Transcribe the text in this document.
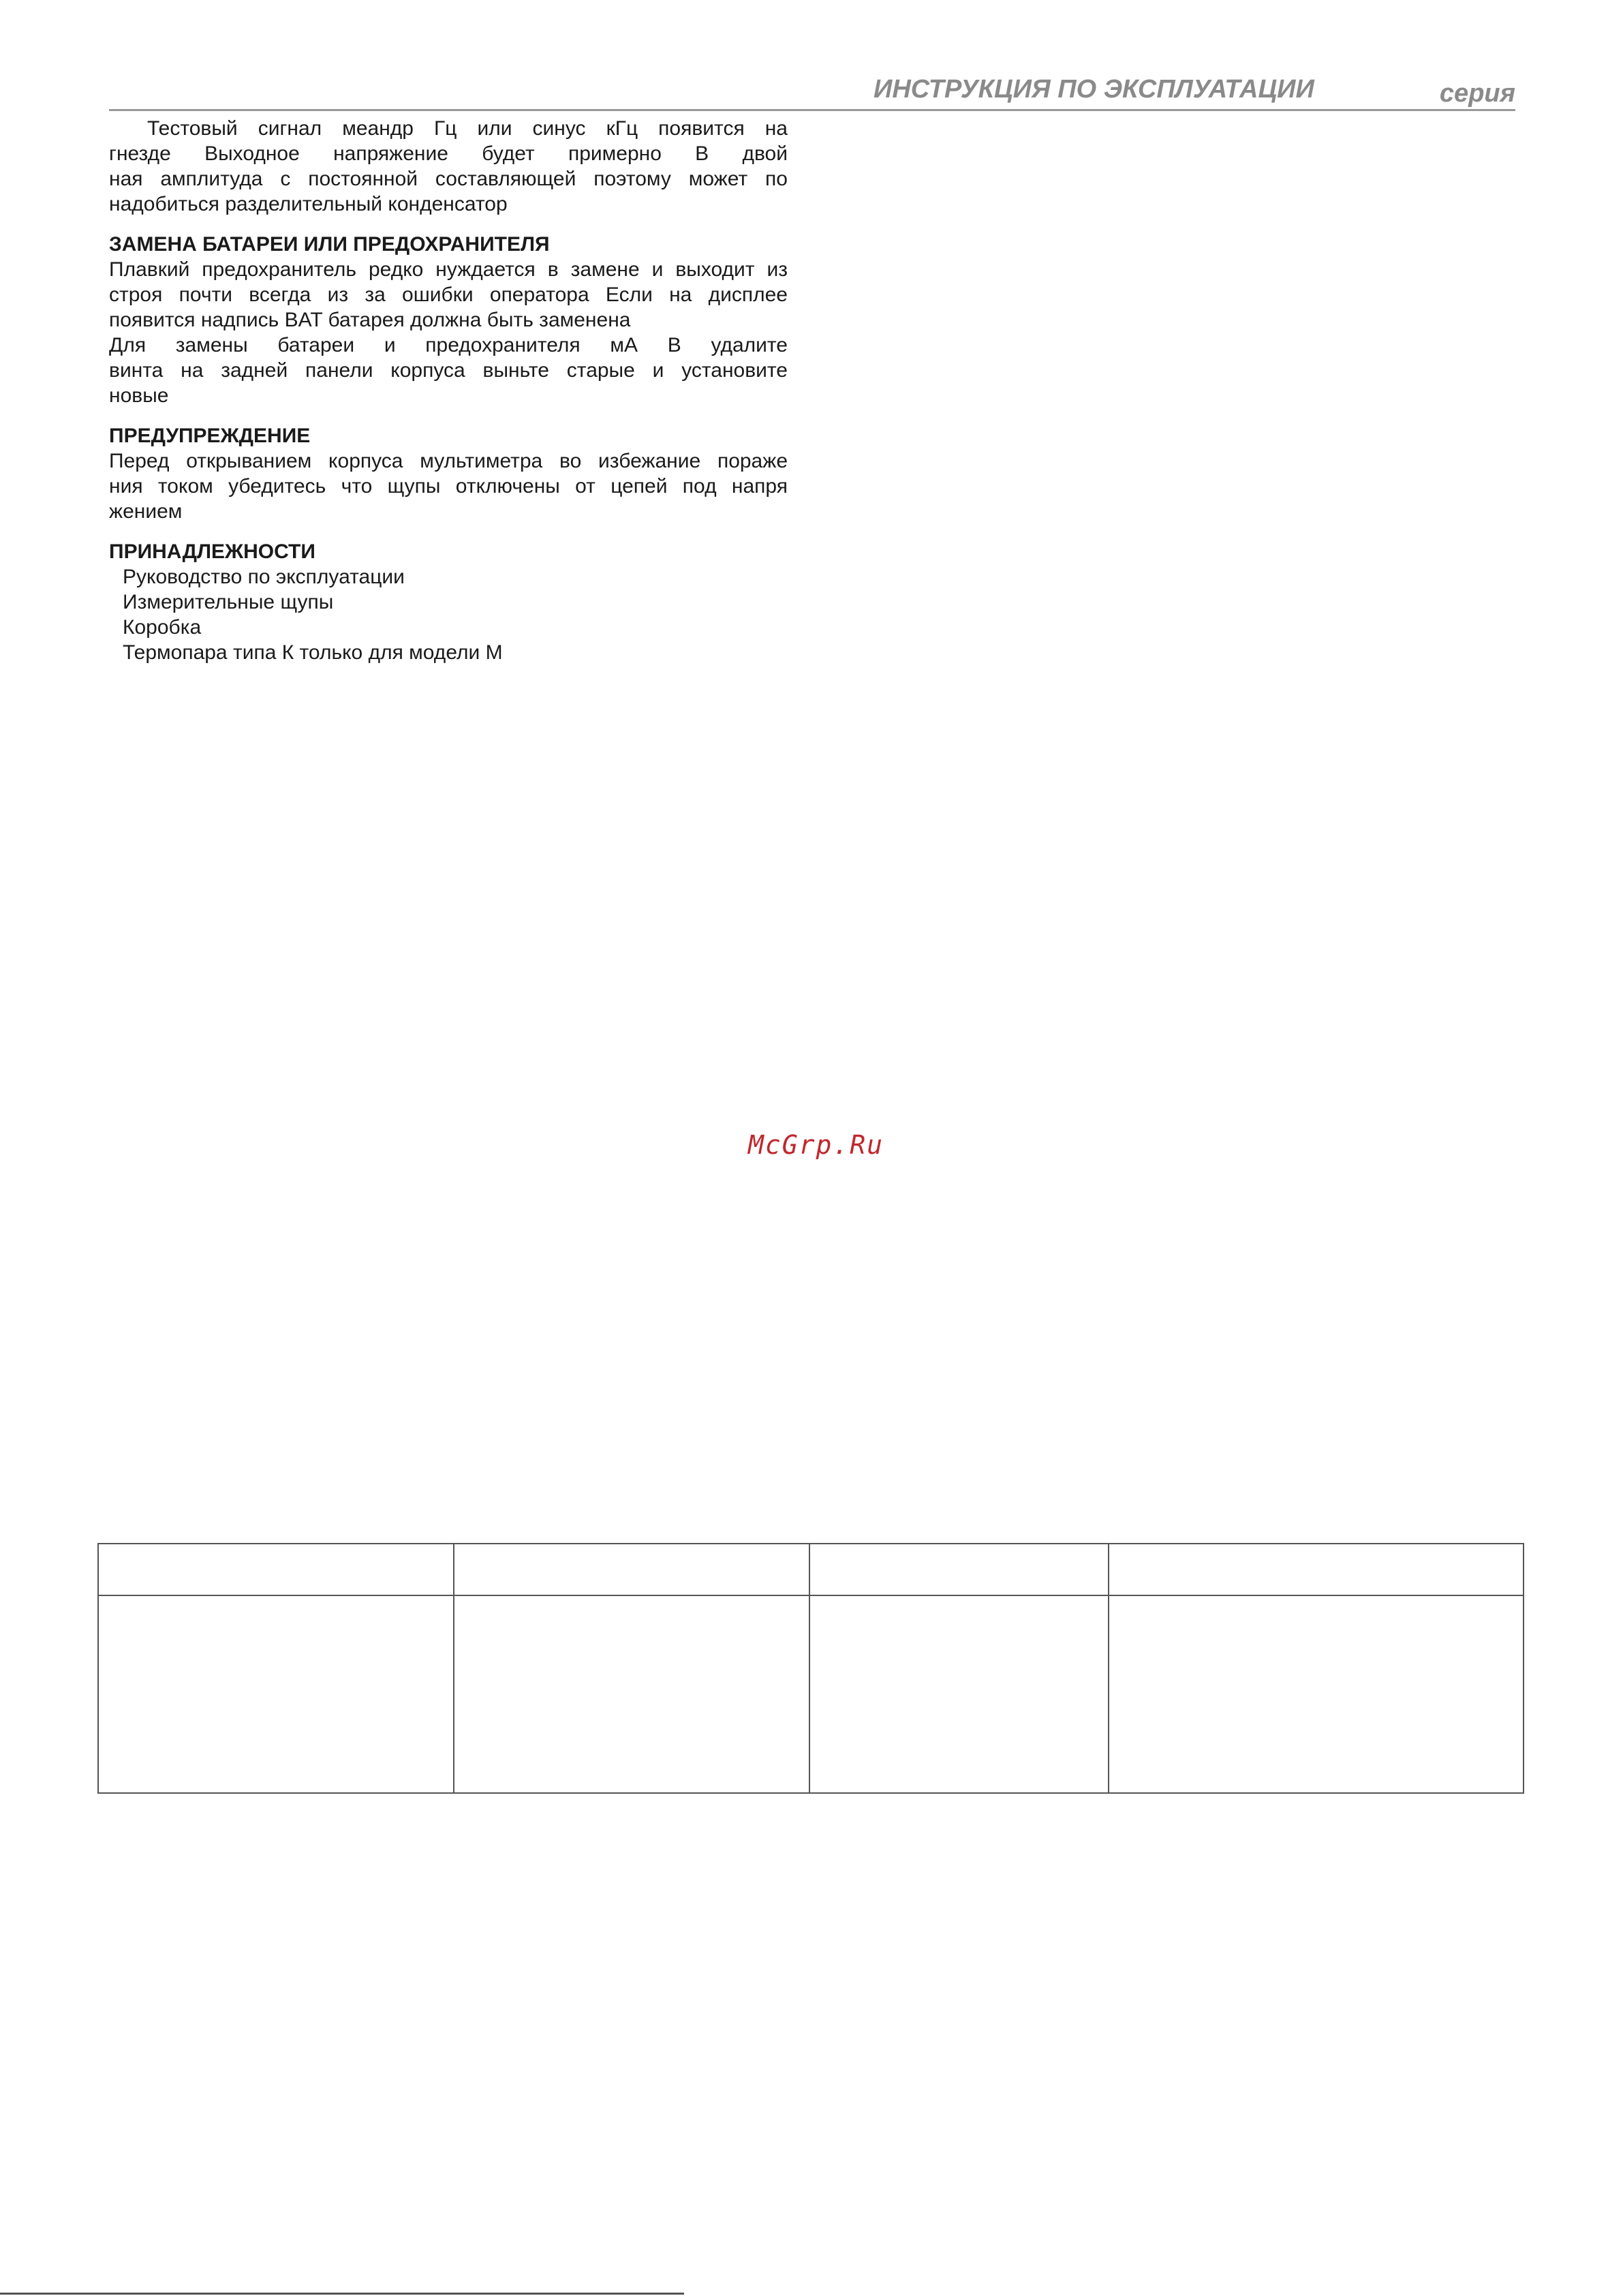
ИНСТРУКЦИЯ ПО ЭКСПЛУАТАЦИИ	серия
Тестовый сигнал меандр Гц или синус кГц появится на
гнезде Выходное напряжение будет примерно В двой
ная амплитуда с постоянной составляющей поэтому может по
надобиться разделительный конденсатор
ЗАМЕНА БАТАРЕИ ИЛИ ПРЕДОХРАНИТЕЛЯ
Плавкий предохранитель редко нуждается в замене и выходит из
строя почти всегда из за ошибки оператора Если на дисплее
появится надпись BAT батарея должна быть заменена
Для замены батареи и предохранителя мА В удалите
винта на задней панели корпуса выньте старые и установите
новые
ПРЕДУПРЕЖДЕНИЕ
Перед открыванием корпуса мультиметра во избежание пораже
ния током убедитесь что щупы отключены от цепей под напря
жением
ПРИНАДЛЕЖНОСТИ
Руководство по эксплуатации
Измерительные щупы
Коробка
Термопара типа К только для модели M
McGrp.Ru
